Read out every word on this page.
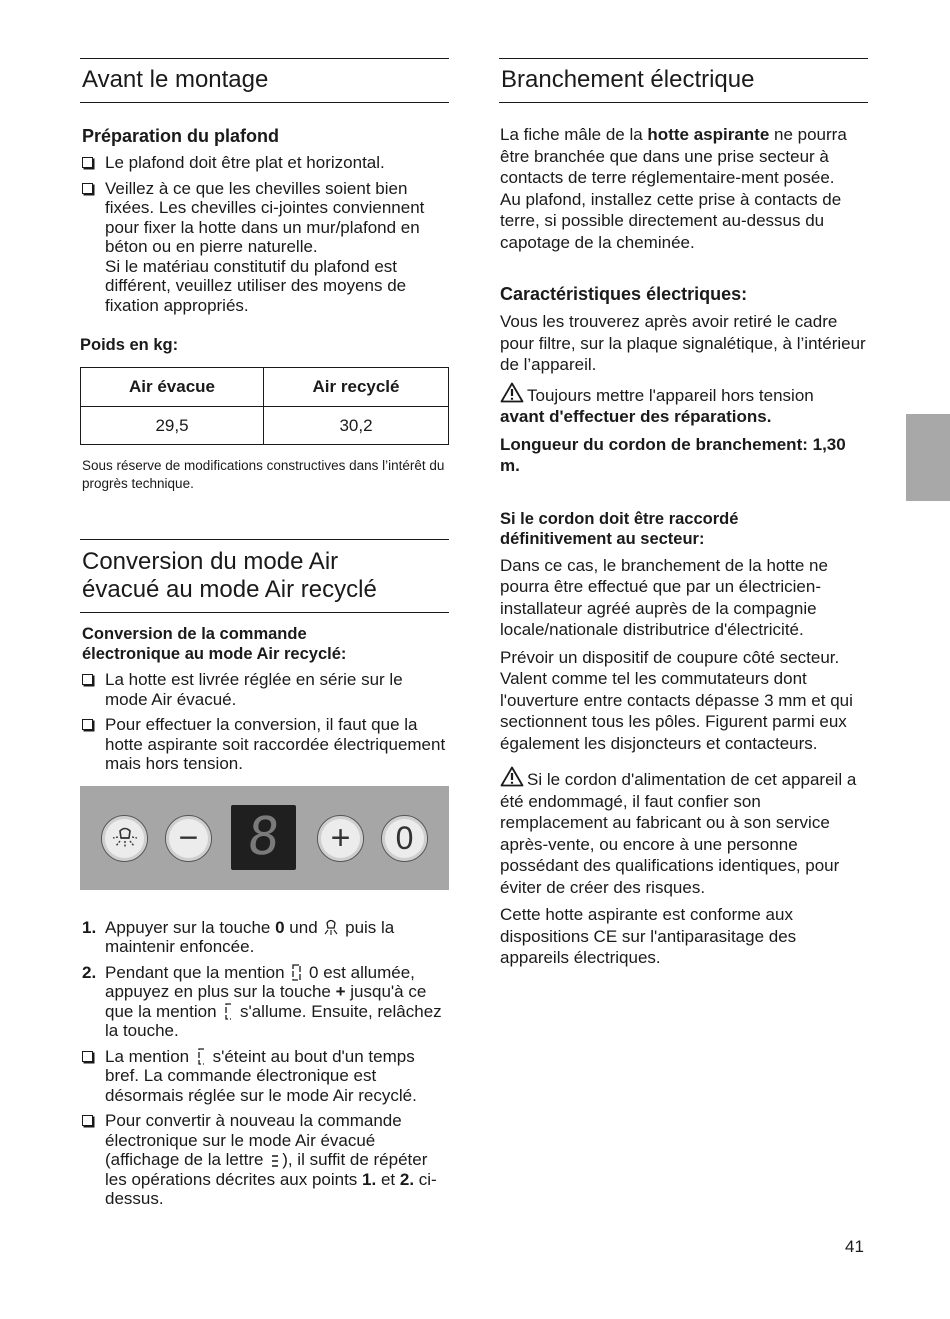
Avant le montage
Préparation du plafond
Le plafond doit être plat et horizontal.
Veillez à ce que les chevilles soient bien fixées. Les chevilles ci-jointes conviennent pour fixer la hotte dans un mur/plafond en béton ou en pierre naturelle.
Si le matériau constitutif du plafond est différent, veuillez utiliser des moyens de fixation appropriés.
Poids en kg:
Air évacue	Air recyclé
29,5	30,2
Sous réserve de modifications constructives dans l’intérêt du progrès technique.
Conversion du mode Air
évacué au mode Air recyclé
Conversion de la commande
électronique au mode Air recyclé:
La hotte est livrée réglée en série sur le mode Air évacué.
Pour effectuer la conversion, il faut que la hotte aspirante soit raccordée électriquement mais hors tension.
− 8	+ 0
1. Appuyer sur la touche 0 und  puis la maintenir enfoncée.
2. Pendant que la mention  0 est allumée, appuyez en plus sur la touche + jusqu'à ce que la mention  s'allume. Ensuite, relâchez la touche.
La mention  s'éteint au bout d'un temps bref. La commande électronique est désormais réglée sur le mode Air recyclé.
Pour convertir à nouveau la commande électronique sur le mode Air évacué (affichage de la lettre ), il suffit de répéter les opérations décrites aux points 1. et 2. ci-dessus.
Branchement électrique

La fiche mâle de la hotte aspirante ne pourra être branchée que dans une prise secteur à contacts de terre réglementaire-ment posée.

Au plafond, installez cette prise à contacts de terre, si possible directement au-dessus du capotage de la cheminée.

Caractéristiques électriques:

Vous les trouverez après avoir retiré le cadre pour filtre, sur la plaque signalétique, à l’intérieur de l’appareil.

Toujours mettre l'appareil hors tension
avant d'effectuer des réparations.

Longueur du cordon de branchement: 1,30 m.

Si le cordon doit être raccordé définitivement au secteur:

Dans ce cas, le branchement de la hotte ne pourra être effectué que par un électricien-installateur agréé auprès de la compagnie locale/nationale distributrice d'électricité.

Prévoir un dispositif de coupure côté secteur. Valent comme tel les commutateurs dont l'ouverture entre contacts dépasse 3 mm et qui sectionnent tous les pôles. Figurent parmi eux également les disjoncteurs et contacteurs.

Si le cordon d'alimentation de cet appareil a été endommagé, il faut confier son remplacement au fabricant ou à son service après-vente, ou encore à une personne possédant des qualifications identiques, pour éviter de créer des risques.

Cette hotte aspirante est conforme aux dispositions CE sur l'antiparasitage des appareils électriques.

41
